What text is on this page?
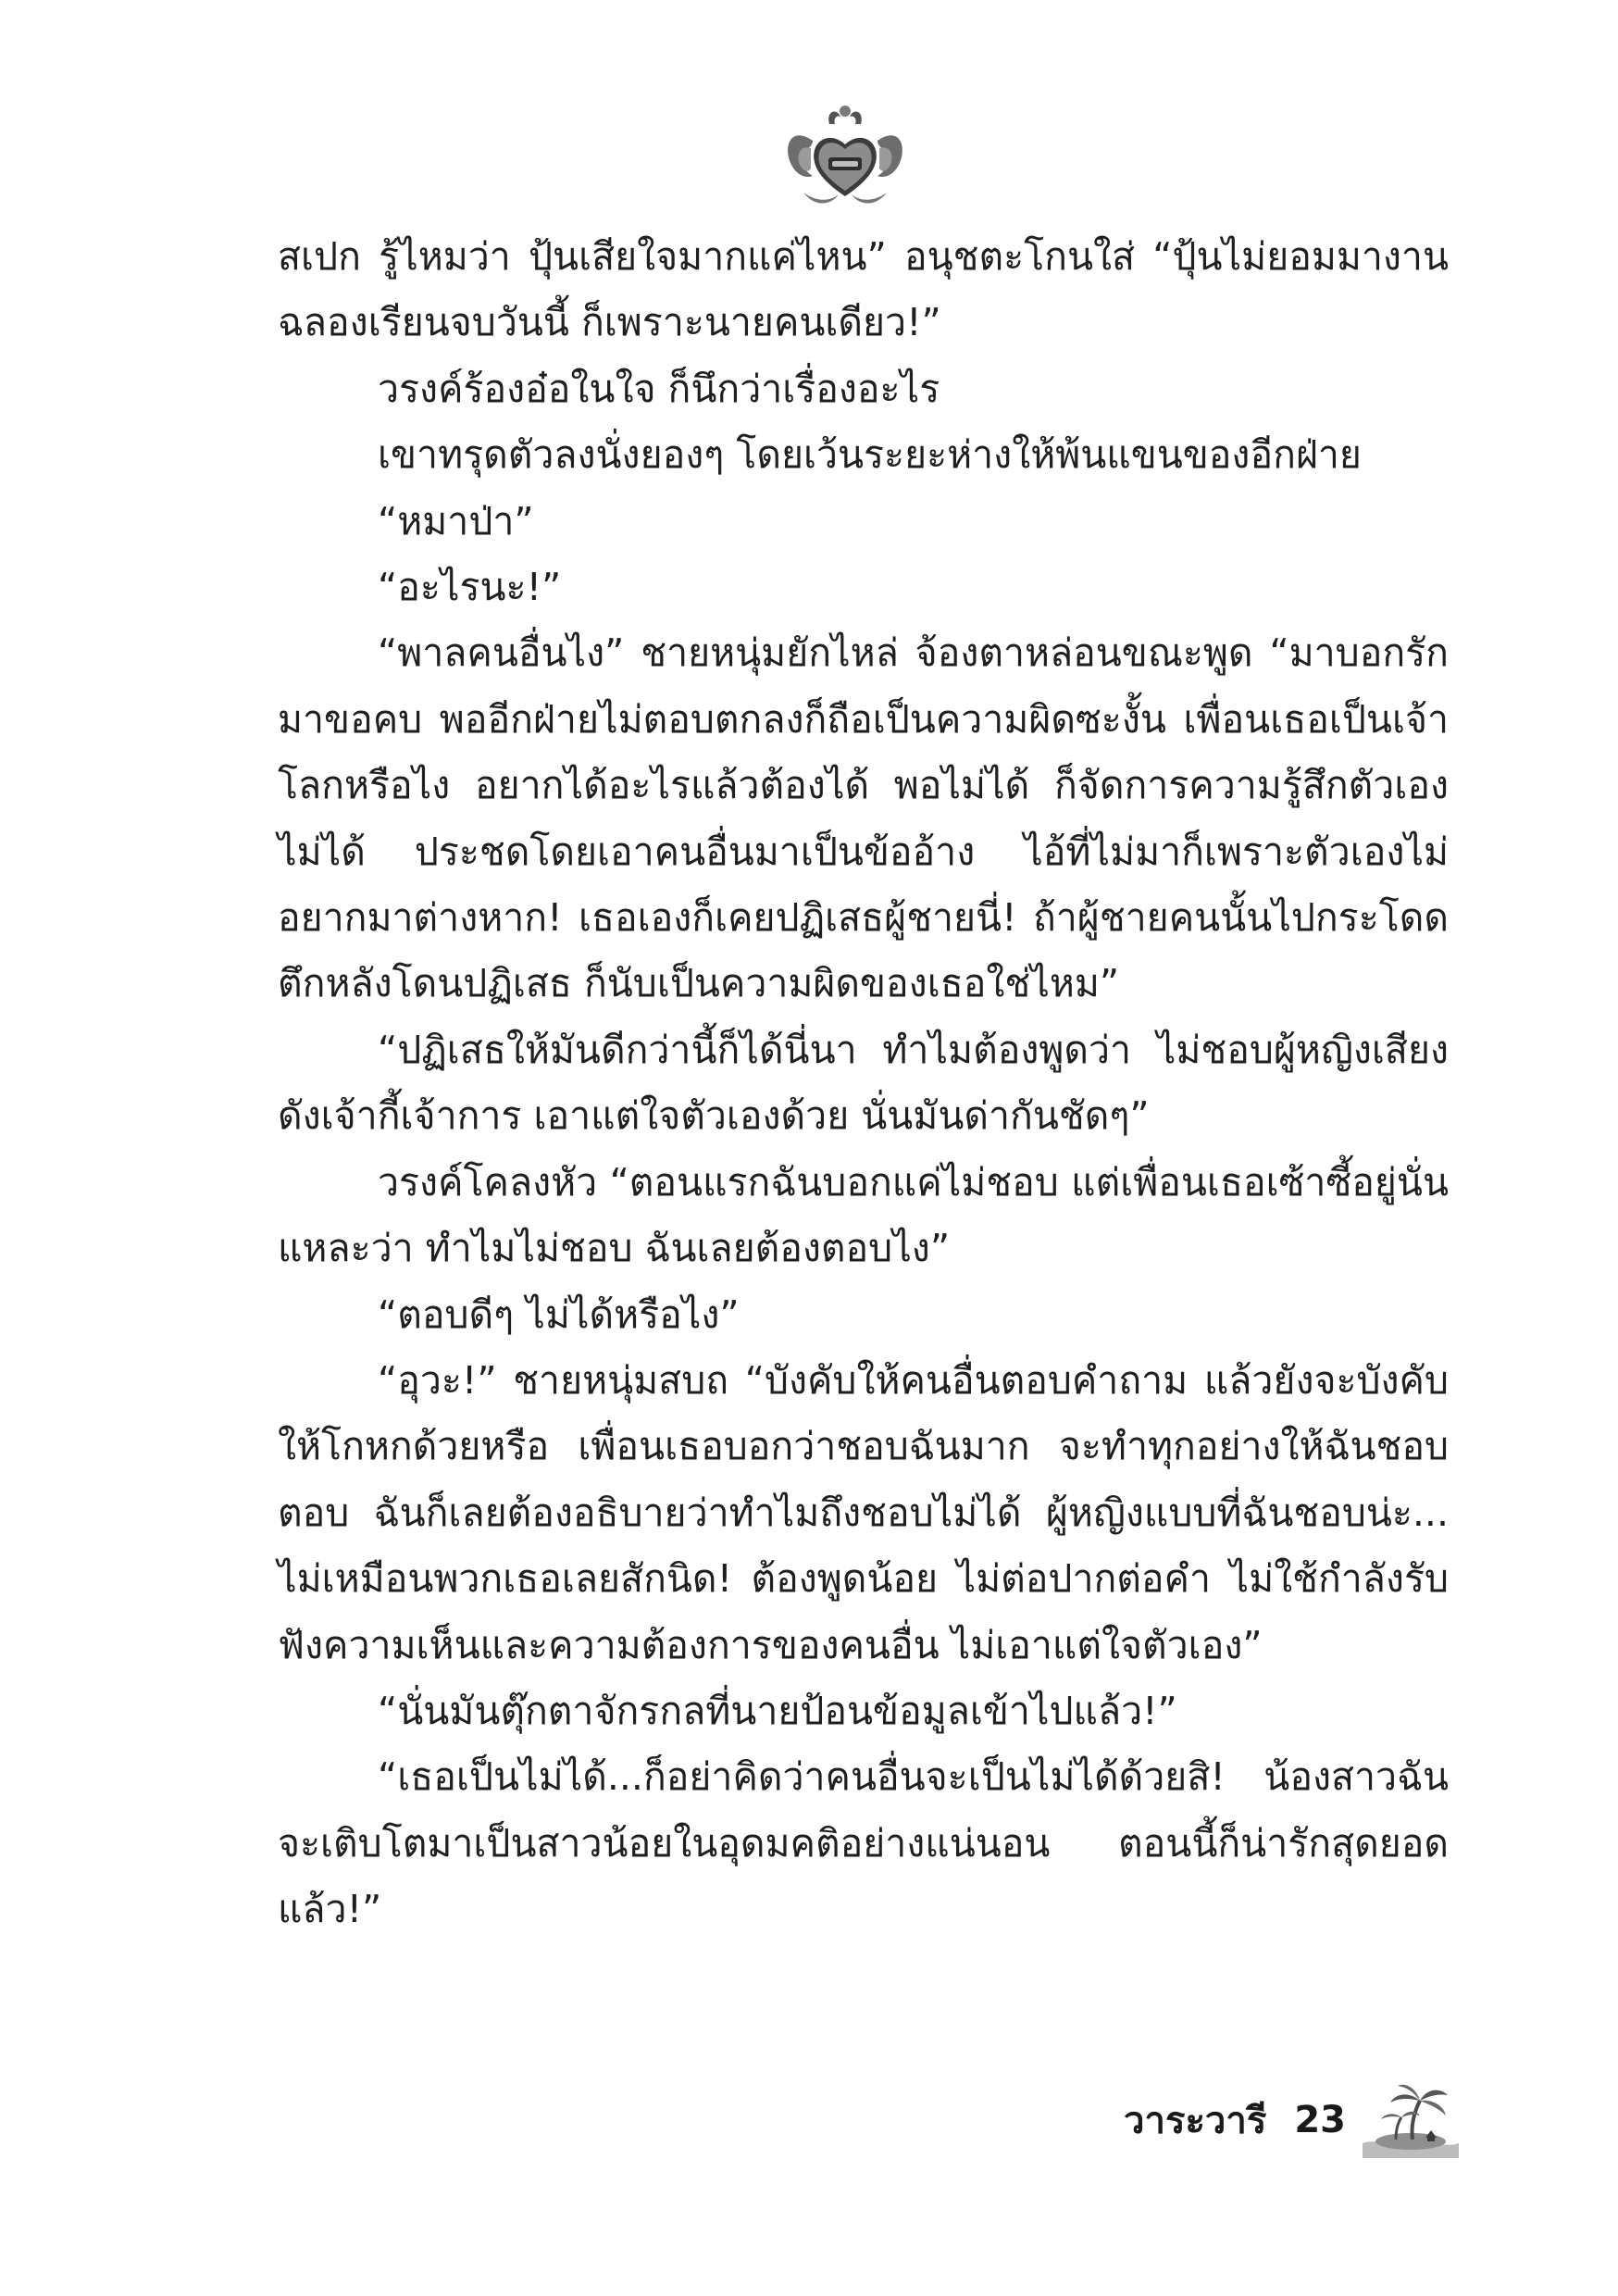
สเปก รู้ไหมว่า ปุ้นเสียใจมากแค่ไหน” อนุชตะโกนใส่ “ปุ้นไม่ยอมมางานฉลองเรียนจบวันนี้ ก็เพราะนายคนเดียว!”

วรงค์ร้องอ๋อในใจ ก็นึกว่าเรื่องอะไร

เขาทรุดตัวลงนั่งยองๆ โดยเว้นระยะห่างให้พ้นแขนของอีกฝ่าย

“หมาป่า”

“อะไรนะ!”

“พาลคนอื่นไง” ชายหนุ่มยักไหล่ จ้องตาหล่อนขณะพูด “มาบอกรัก มาขอคบ พออีกฝ่ายไม่ตอบตกลงก็ถือเป็นความผิดซะงั้น เพื่อนเธอเป็นเจ้าโลกหรือไง อยากได้อะไรแล้วต้องได้ พอไม่ได้ ก็จัดการความรู้สึกตัวเองไม่ได้ ประชดโดยเอาคนอื่นมาเป็นข้ออ้าง ไอ้ที่ไม่มาก็เพราะตัวเองไม่อยากมาต่างหาก! เธอเองก็เคยปฏิเสธผู้ชายนี่! ถ้าผู้ชายคนนั้นไปกระโดดตึกหลังโดนปฏิเสธ ก็นับเป็นความผิดของเธอใช่ไหม”

“ปฏิเสธให้มันดีกว่านี้ก็ได้นี่นา ทำไมต้องพูดว่า ไม่ชอบผู้หญิงเสียงดังเจ้ากี้เจ้าการ เอาแต่ใจตัวเองด้วย นั่นมันด่ากันชัดๆ”

วรงค์โคลงหัว “ตอนแรกฉันบอกแค่ไม่ชอบ แต่เพื่อนเธอเซ้าซี้อยู่นั่นแหละว่า ทำไมไม่ชอบ ฉันเลยต้องตอบไง”

“ตอบดีๆ ไม่ได้หรือไง”

“อุวะ!” ชายหนุ่มสบถ “บังคับให้คนอื่นตอบคำถาม แล้วยังจะบังคับให้โกหกด้วยหรือ เพื่อนเธอบอกว่าชอบฉันมาก จะทำทุกอย่างให้ฉันชอบตอบ ฉันก็เลยต้องอธิบายว่าทำไมถึงชอบไม่ได้ ผู้หญิงแบบที่ฉันชอบน่ะ... ไม่เหมือนพวกเธอเลยสักนิด! ต้องพูดน้อย ไม่ต่อปากต่อคำ ไม่ใช้กำลังรับฟังความเห็นและความต้องการของคนอื่น ไม่เอาแต่ใจตัวเอง”

“นั่นมันตุ๊กตาจักรกลที่นายป้อนข้อมูลเข้าไปแล้ว!”

“เธอเป็นไม่ได้...ก็อย่าคิดว่าคนอื่นจะเป็นไม่ได้ด้วยสิ! น้องสาวฉันจะเติบโตมาเป็นสาวน้อยในอุดมคติอย่างแน่นอน ตอนนี้ก็น่ารักสุดยอดแล้ว!”

วาระวารี 23
